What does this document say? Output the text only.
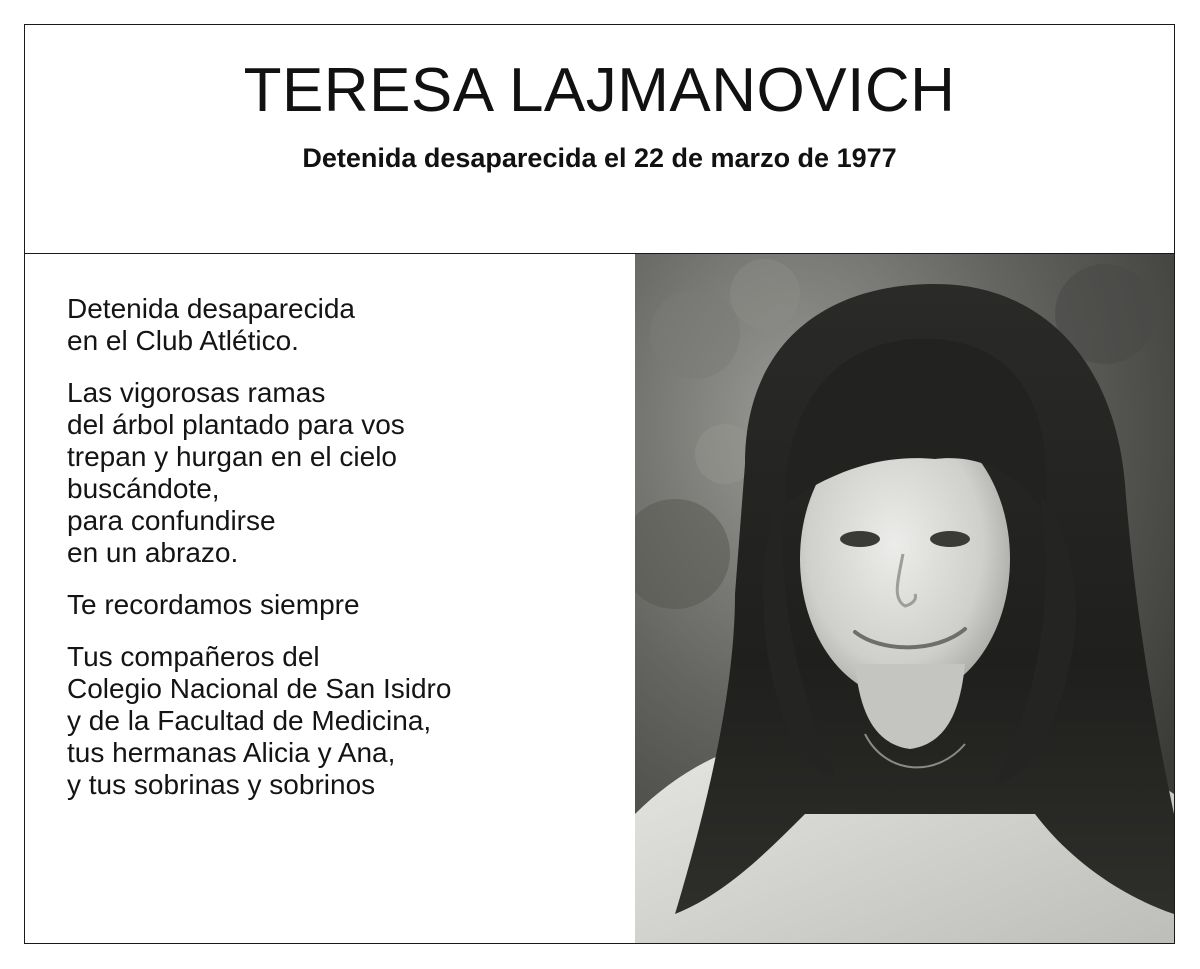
TERESA LAJMANOVICH

Detenida desaparecida el 22 de marzo de 1977

Detenida desaparecida
en el Club Atlético.

Las vigorosas ramas
del árbol plantado para vos
trepan y hurgan en el cielo
buscándote,
para confundirse
en un abrazo.

Te recordamos siempre

Tus compañeros del
Colegio Nacional de San Isidro
y de la Facultad de Medicina,
tus hermanas Alicia y Ana,
y tus sobrinas y sobrinos
